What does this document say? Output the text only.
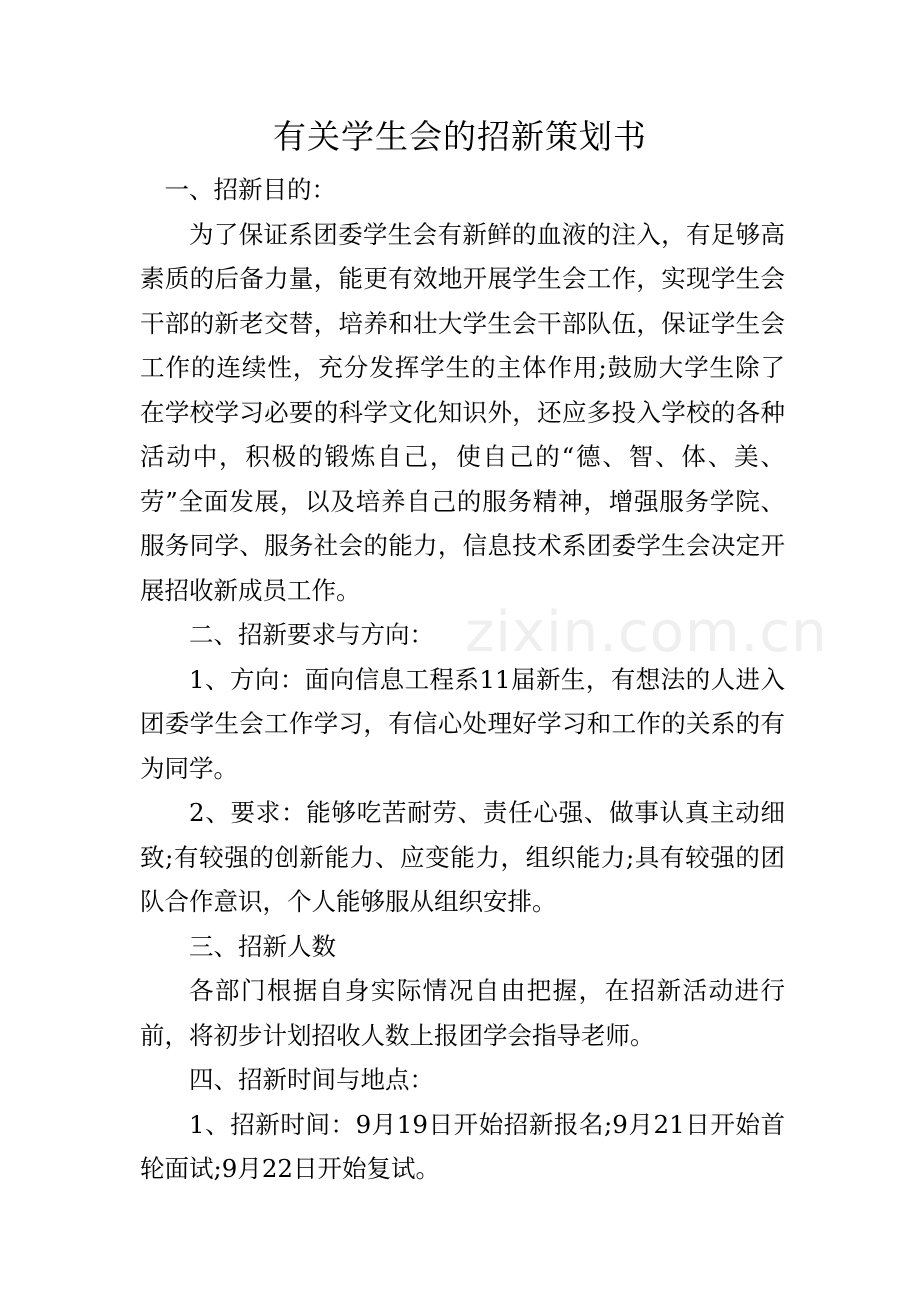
有关学生会的招新策划书

一、招新目的：

为了保证系团委学生会有新鲜的血液的注入，有足够高素质的后备力量，能更有效地开展学生会工作，实现学生会干部的新老交替，培养和壮大学生会干部队伍，保证学生会工作的连续性，充分发挥学生的主体作用;鼓励大学生除了在学校学习必要的科学文化知识外，还应多投入学校的各种活动中，积极的锻炼自己，使自己的“德、智、体、美、劳”全面发展，以及培养自己的服务精神，增强服务学院、服务同学、服务社会的能力，信息技术系团委学生会决定开展招收新成员工作。

二、招新要求与方向：

1、方向：面向信息工程系11届新生，有想法的人进入团委学生会工作学习，有信心处理好学习和工作的关系的有为同学。

2、要求：能够吃苦耐劳、责任心强、做事认真主动细致;有较强的创新能力、应变能力，组织能力;具有较强的团队合作意识，个人能够服从组织安排。

三、招新人数

各部门根据自身实际情况自由把握，在招新活动进行前，将初步计划招收人数上报团学会指导老师。

四、招新时间与地点：

1、招新时间：9月19日开始招新报名;9月21日开始首轮面试;9月22日开始复试。

zixin.com.cn
